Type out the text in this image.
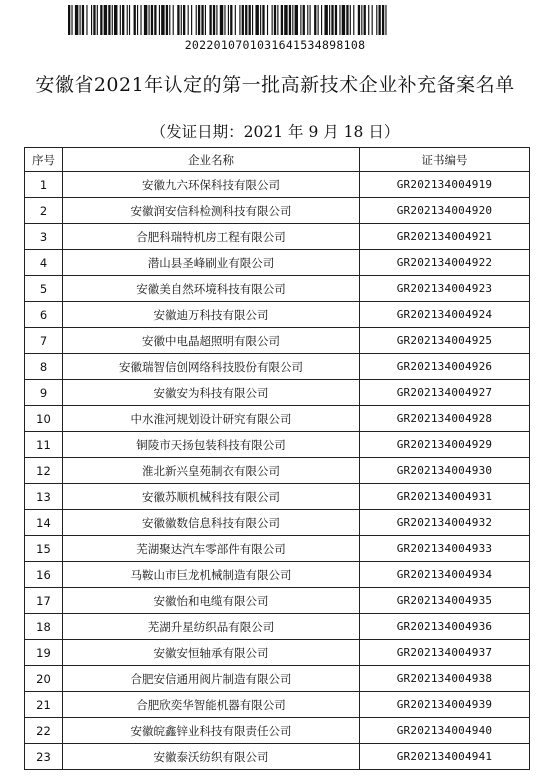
20220107010316415348981​08
安徽省2021年认定的第一批高新技术企业补充备案名单
（发证日期：2021 年 9 月 18 日）
序号	企业名称	证书编号
1	安徽九六环保科技有限公司	GR202134004919
2	安徽润安信科检测科技有限公司	GR202134004920
3	合肥科瑞特机房工程有限公司	GR202134004921
4	潜山县圣峰刷业有限公司	GR202134004922
5	安徽美自然环境科技有限公司	GR202134004923
6	安徽迪万科技有限公司	GR202134004924
7	安徽中电晶超照明有限公司	GR202134004925
8	安徽瑞智信创网络科技股份有限公司	GR202134004926
9	安徽安为科技有限公司	GR202134004927
10	中水淮河规划设计研究有限公司	GR202134004928
11	铜陵市天扬包装科技有限公司	GR202134004929
12	淮北新兴皇苑制衣有限公司	GR202134004930
13	安徽苏顺机械科技有限公司	GR202134004931
14	安徽徽数信息科技有限公司	GR202134004932
15	芜湖聚达汽车零部件有限公司	GR202134004933
16	马鞍山市巨龙机械制造有限公司	GR202134004934
17	安徽怡和电缆有限公司	GR202134004935
18	芜湖升星纺织品有限公司	GR202134004936
19	安徽安恒轴承有限公司	GR202134004937
20	合肥安信通用阀片制造有限公司	GR202134004938
21	合肥欣奕华智能机器有限公司	GR202134004939
22	安徽皖鑫锌业科技有限责任公司	GR202134004940
23	安徽泰沃纺织有限公司	GR202134004941
